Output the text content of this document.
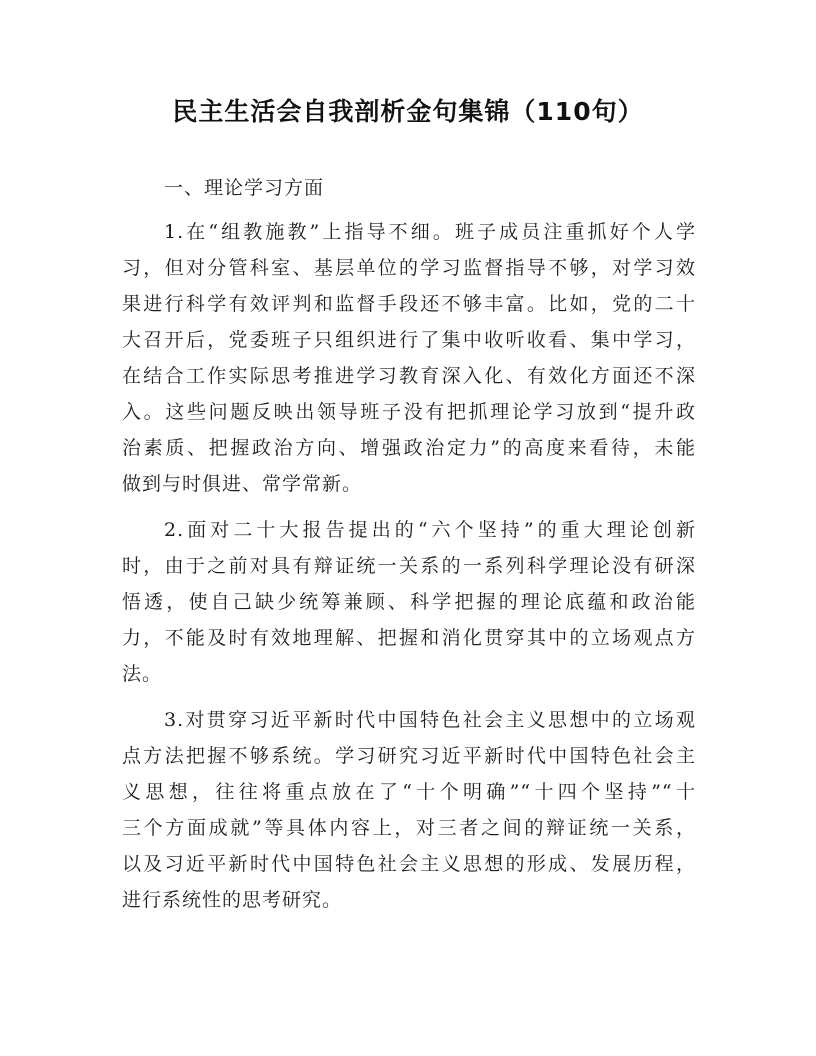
民主生活会自我剖析金句集锦（110句）

一、理论学习方面

1.在“组教施教”上指导不细。班子成员注重抓好个人学
习，但对分管科室、基层单位的学习监督指导不够，对学习效
果进行科学有效评判和监督手段还不够丰富。比如，党的二十
大召开后，党委班子只组织进行了集中收听收看、集中学习，
在结合工作实际思考推进学习教育深入化、有效化方面还不深
入。这些问题反映出领导班子没有把抓理论学习放到“提升政
治素质、把握政治方向、增强政治定力”的高度来看待，未能
做到与时俱进、常学常新。

2.面对二十大报告提出的“六个坚持”的重大理论创新
时，由于之前对具有辩证统一关系的一系列科学理论没有研深
悟透，使自己缺少统筹兼顾、科学把握的理论底蕴和政治能
力，不能及时有效地理解、把握和消化贯穿其中的立场观点方
法。

3.对贯穿习近平新时代中国特色社会主义思想中的立场观
点方法把握不够系统。学习研究习近平新时代中国特色社会主
义思想，往往将重点放在了“十个明确”“十四个坚持”“十
三个方面成就”等具体内容上，对三者之间的辩证统一关系，
以及习近平新时代中国特色社会主义思想的形成、发展历程，
进行系统性的思考研究。
